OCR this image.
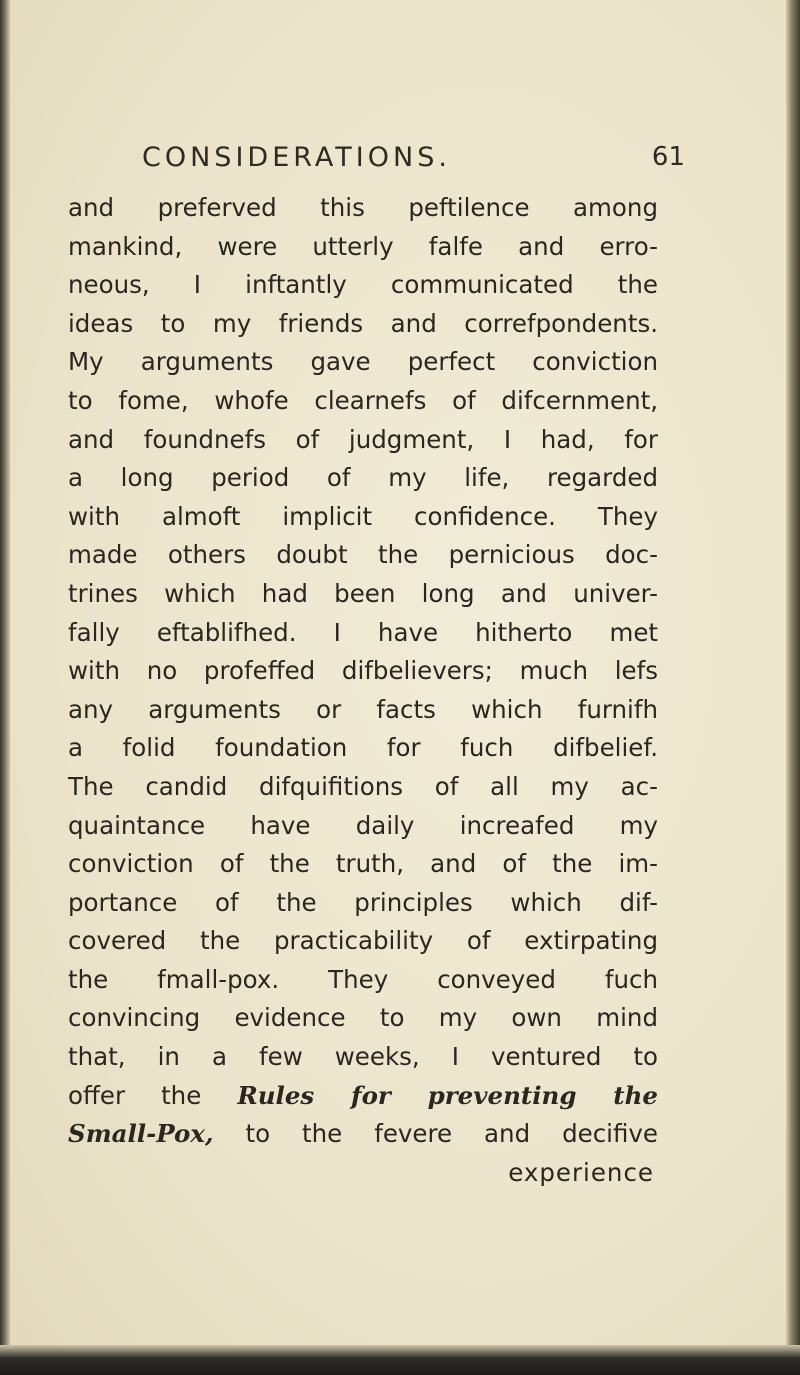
CONSIDERATIONS.	61
and preferved this peftilence among
mankind, were utterly falfe and erro-
neous, I inftantly communicated the
ideas to my friends and correfpondents.
My arguments gave perfect conviction
to fome, whofe clearnefs of difcernment,
and foundnefs of judgment, I had, for
a long period of my life, regarded
with almoft implicit confidence. They
made others doubt the pernicious doc-
trines which had been long and univer-
fally eftablifhed. I have hitherto met
with no profeffed difbelievers; much lefs
any arguments or facts which furnifh
a folid foundation for fuch difbelief.
The candid difquifitions of all my ac-
quaintance have daily increafed my
conviction of the truth, and of the im-
portance of the principles which dif-
covered the practicability of extirpating
the fmall-pox. They conveyed fuch
convincing evidence to my own mind
that, in a few weeks, I ventured to
offer the Rules for preventing the
Small-Pox, to the fevere and decifive
experience
